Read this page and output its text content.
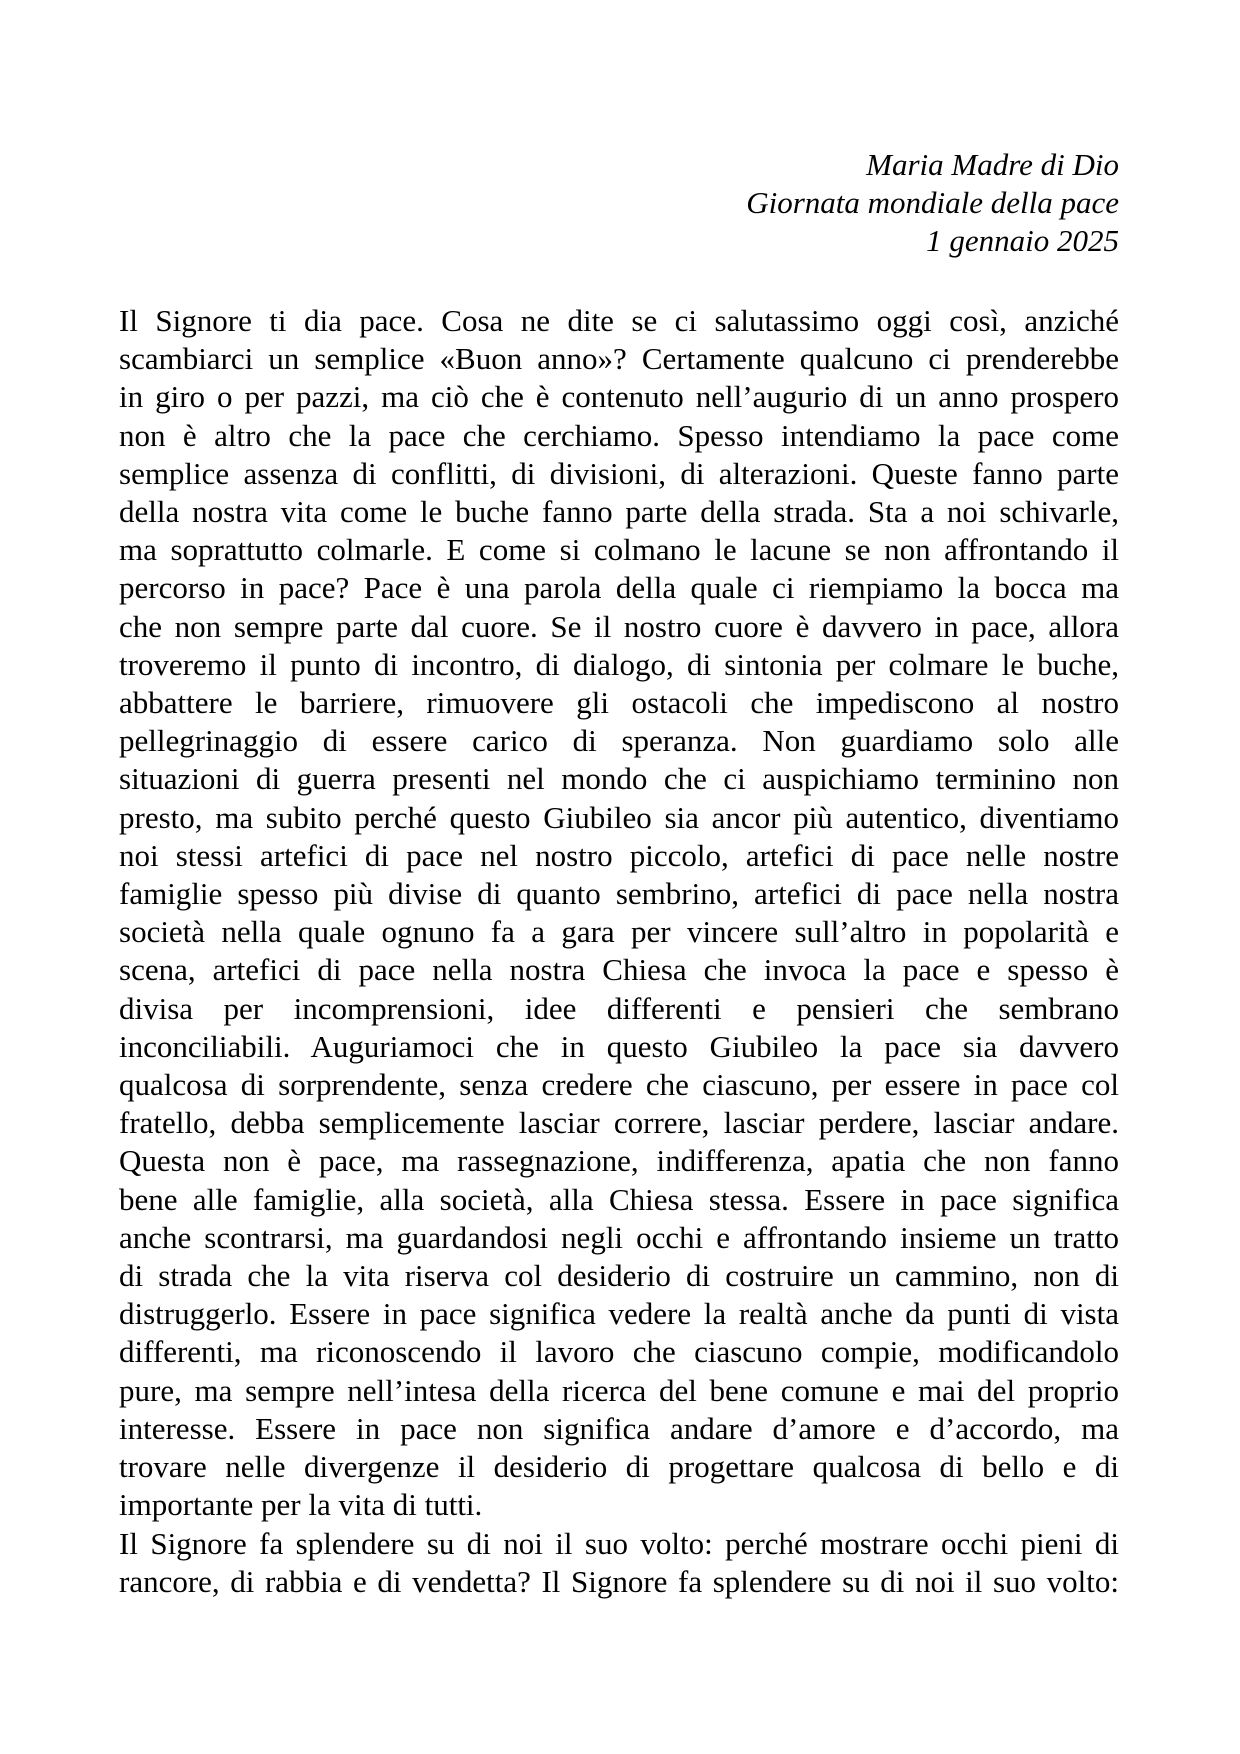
Maria Madre di Dio
Giornata mondiale della pace
1 gennaio 2025
Il Signore ti dia pace. Cosa ne dite se ci salutassimo oggi così, anziché
scambiarci un semplice «Buon anno»? Certamente qualcuno ci prenderebbe
in giro o per pazzi, ma ciò che è contenuto nell’augurio di un anno prospero
non è altro che la pace che cerchiamo. Spesso intendiamo la pace come
semplice assenza di conflitti, di divisioni, di alterazioni. Queste fanno parte
della nostra vita come le buche fanno parte della strada. Sta a noi schivarle,
ma soprattutto colmarle. E come si colmano le lacune se non affrontando il
percorso in pace? Pace è una parola della quale ci riempiamo la bocca ma
che non sempre parte dal cuore. Se il nostro cuore è davvero in pace, allora
troveremo il punto di incontro, di dialogo, di sintonia per colmare le buche,
abbattere le barriere, rimuovere gli ostacoli che impediscono al nostro
pellegrinaggio di essere carico di speranza. Non guardiamo solo alle
situazioni di guerra presenti nel mondo che ci auspichiamo terminino non
presto, ma subito perché questo Giubileo sia ancor più autentico, diventiamo
noi stessi artefici di pace nel nostro piccolo, artefici di pace nelle nostre
famiglie spesso più divise di quanto sembrino, artefici di pace nella nostra
società nella quale ognuno fa a gara per vincere sull’altro in popolarità e
scena, artefici di pace nella nostra Chiesa che invoca la pace e spesso è
divisa per incomprensioni, idee differenti e pensieri che sembrano
inconciliabili. Auguriamoci che in questo Giubileo la pace sia davvero
qualcosa di sorprendente, senza credere che ciascuno, per essere in pace col
fratello, debba semplicemente lasciar correre, lasciar perdere, lasciar andare.
Questa non è pace, ma rassegnazione, indifferenza, apatia che non fanno
bene alle famiglie, alla società, alla Chiesa stessa. Essere in pace significa
anche scontrarsi, ma guardandosi negli occhi e affrontando insieme un tratto
di strada che la vita riserva col desiderio di costruire un cammino, non di
distruggerlo. Essere in pace significa vedere la realtà anche da punti di vista
differenti, ma riconoscendo il lavoro che ciascuno compie, modificandolo
pure, ma sempre nell’intesa della ricerca del bene comune e mai del proprio
interesse. Essere in pace non significa andare d’amore e d’accordo, ma
trovare nelle divergenze il desiderio di progettare qualcosa di bello e di
importante per la vita di tutti.
Il Signore fa splendere su di noi il suo volto: perché mostrare occhi pieni di
rancore, di rabbia e di vendetta? Il Signore fa splendere su di noi il suo volto:
